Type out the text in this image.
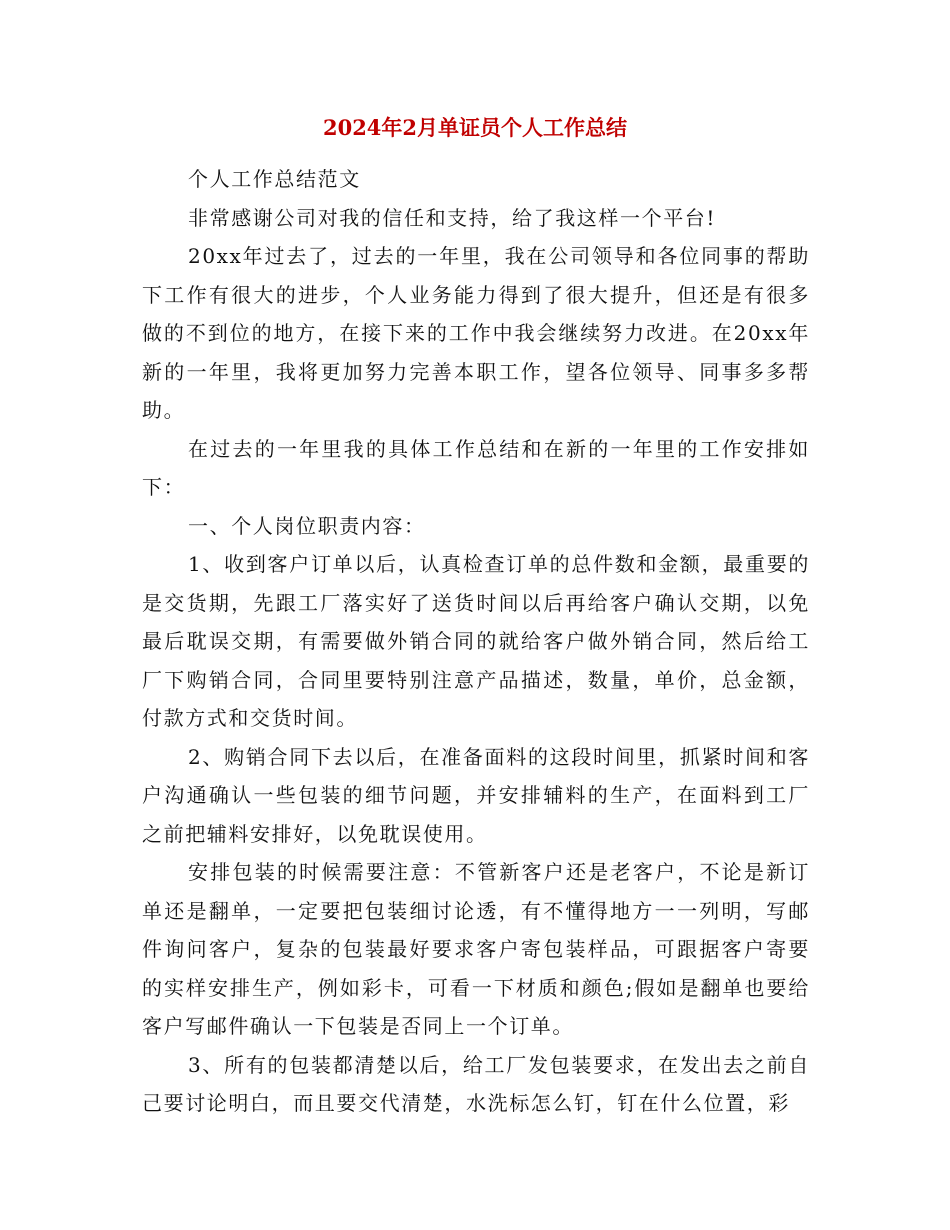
2024年2月单证员个人工作总结

个人工作总结范文

非常感谢公司对我的信任和支持，给了我这样一个平台!

20xx年过去了，过去的一年里，我在公司领导和各位同事的帮助下工作有很大的进步，个人业务能力得到了很大提升，但还是有很多做的不到位的地方，在接下来的工作中我会继续努力改进。在20xx年新的一年里，我将更加努力完善本职工作，望各位领导、同事多多帮助。

在过去的一年里我的具体工作总结和在新的一年里的工作安排如下：

一、个人岗位职责内容：

1、收到客户订单以后，认真检查订单的总件数和金额，最重要的是交货期，先跟工厂落实好了送货时间以后再给客户确认交期，以免最后耽误交期，有需要做外销合同的就给客户做外销合同，然后给工厂下购销合同，合同里要特别注意产品描述，数量，单价，总金额，付款方式和交货时间。

2、购销合同下去以后，在准备面料的这段时间里，抓紧时间和客户沟通确认一些包装的细节问题，并安排辅料的生产，在面料到工厂之前把辅料安排好，以免耽误使用。

安排包装的时候需要注意：不管新客户还是老客户，不论是新订单还是翻单，一定要把包装细讨论透，有不懂得地方一一列明，写邮件询问客户，复杂的包装最好要求客户寄包装样品，可跟据客户寄要的实样安排生产，例如彩卡，可看一下材质和颜色;假如是翻单也要给客户写邮件确认一下包装是否同上一个订单。

3、所有的包装都清楚以后，给工厂发包装要求，在发出去之前自己要讨论明白，而且要交代清楚，水洗标怎么钉，钉在什么位置，彩
